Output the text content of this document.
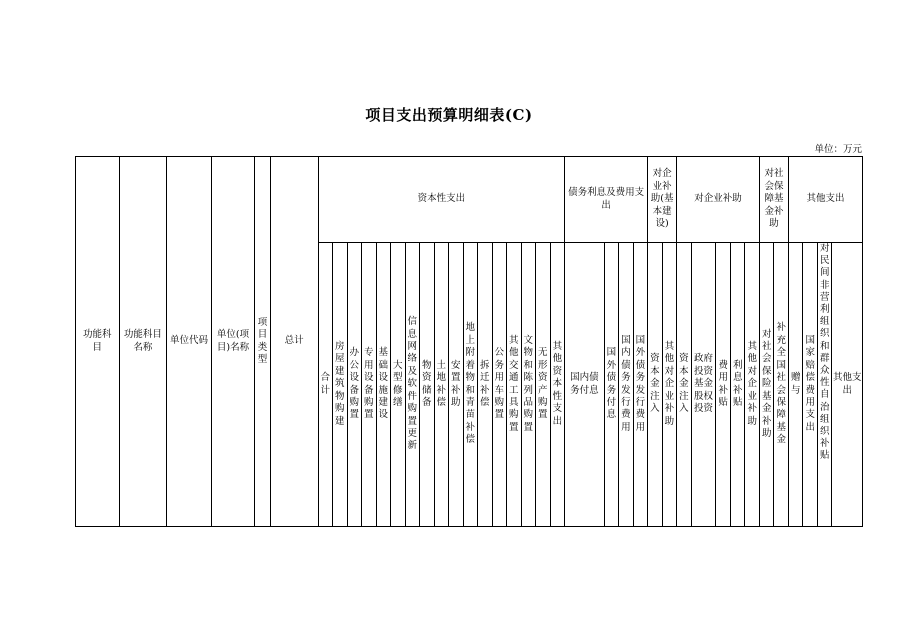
项目支出预算明细表(C)
单位：万元
功能科目	功能科目名称	单位代码	单位(项目)名称	项目类型	总计	资本性支出																	债务利息及费用支出				对企业补助(基本建设)		对企业补助					对社会保障基金补助		其他支出			
						合计	房屋建筑物购建	办公设备购置	专用设备购置	基础设施建设	大型修缮	信息网络及软件购置更新	物资储备	土地补偿	安置补助	地上附着物和青苗补偿	拆迁补偿	公务用车购置	其他交通工具购置	文物和陈列品购置	无形资产购置	其他资本性支出	国内债务付息	国外债务付息	国内债务发行费用	国外债务发行费用	资本金注入	其他对企业补助	资本金注入	政府投资基金股权投资	费用补贴	利息补贴	其他对企业补助	对社会保险基金补助	补充全国社会保障基金	赠与	国家赔偿费用支出	对民间非营利组织和群众性自治组织补贴	其他支出
